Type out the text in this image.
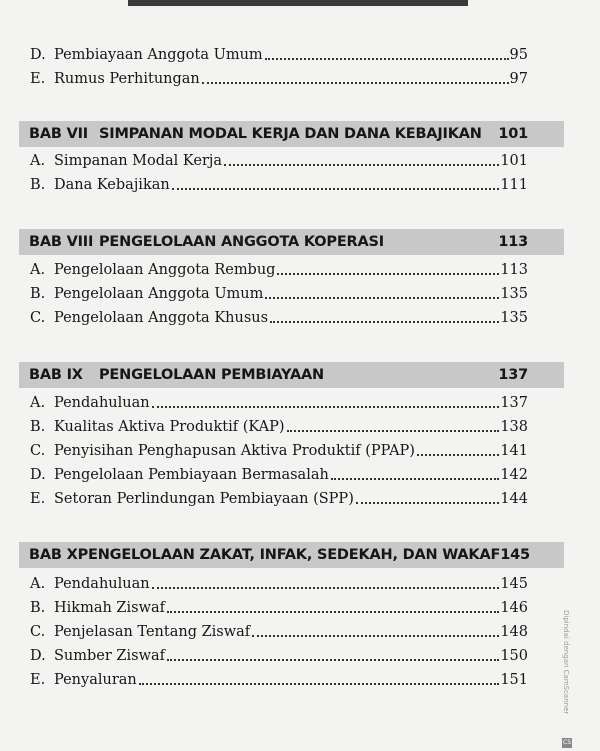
D. Pembiayaan Anggota Umum	95
E. Rumus Perhitungan	97
BAB VII SIMPANAN MODAL KERJA DAN DANA KEBAJIKAN	101
A. Simpanan Modal Kerja	101
B. Dana Kebajikan	111
BAB VIII PENGELOLAAN ANGGOTA KOPERASI	113
A. Pengelolaan Anggota Rembug	113
B. Pengelolaan Anggota Umum	135
C. Pengelolaan Anggota Khusus	135
BAB IX	PENGELOLAAN PEMBIAYAAN	137
A. Pendahuluan	137
B. Kualitas Aktiva Produktif (KAP)	138
C. Penyisihan Penghapusan Aktiva Produktif (PPAP)	141
D. Pengelolaan Pembiayaan Bermasalah	142
E. Setoran Perlindungan Pembiayaan (SPP)	144
BAB X PENGELOLAAN ZAKAT, INFAK, SEDEKAH, DAN WAKAF 145
A. Pendahuluan	145
B. Hikmah Ziswaf	146
C. Penjelasan Tentang Ziswaf	148
D. Sumber Ziswaf	150
E. Penyaluran	151	Dipindai dengan CamScanner
CS
